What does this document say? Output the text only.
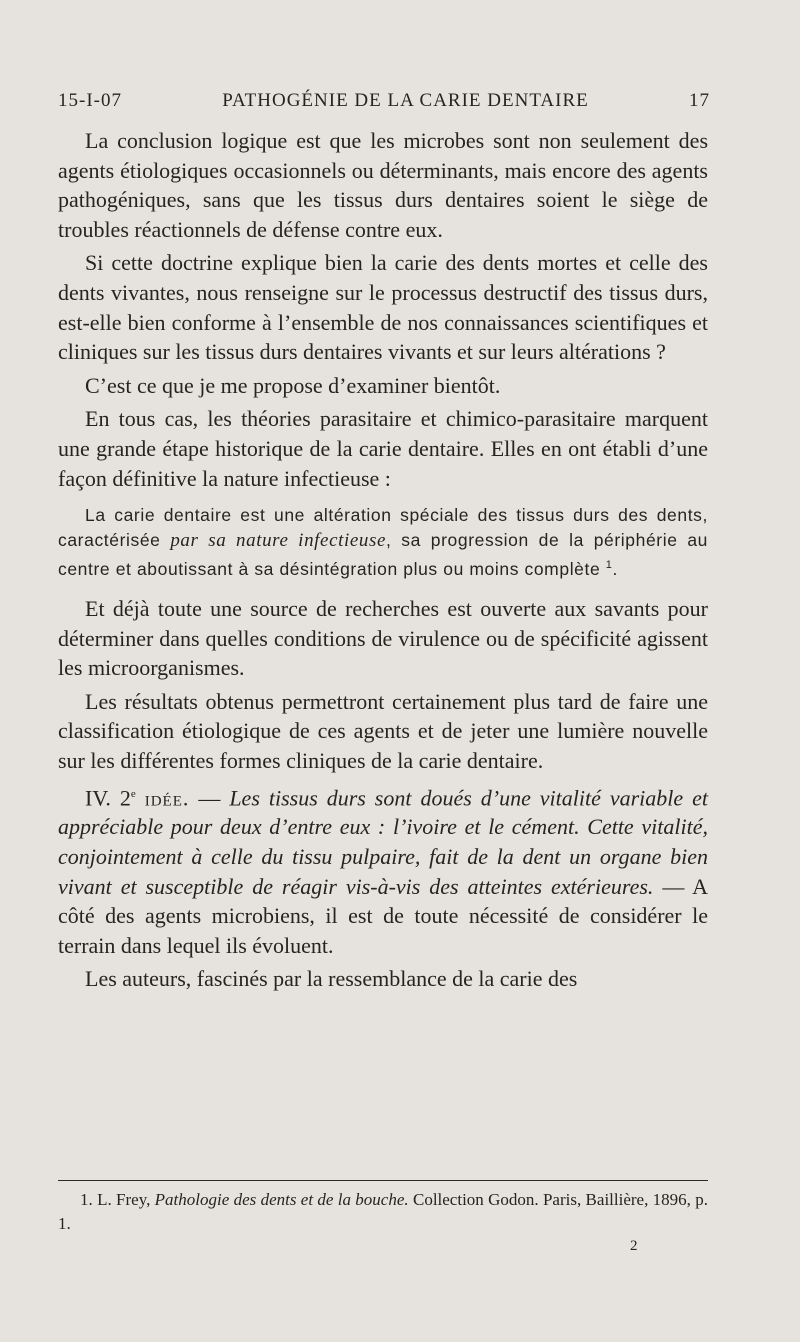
15-I-07	PATHOGÉNIE DE LA CARIE DENTAIRE	17

La conclusion logique est que les microbes sont non seulement des agents étiologiques occasionnels ou déterminants, mais encore des agents pathogéniques, sans que les tissus durs dentaires soient le siège de troubles réactionnels de défense contre eux.

Si cette doctrine explique bien la carie des dents mortes et celle des dents vivantes, nous renseigne sur le processus destructif des tissus durs, est-elle bien conforme à l’ensemble de nos connaissances scientifiques et cliniques sur les tissus durs dentaires vivants et sur leurs altérations ?

C’est ce que je me propose d’examiner bientôt.

En tous cas, les théories parasitaire et chimico-parasitaire marquent une grande étape historique de la carie dentaire. Elles en ont établi d’une façon définitive la nature infectieuse :

La carie dentaire est une altération spéciale des tissus durs des dents, caractérisée par sa nature infectieuse, sa progression de la périphérie au centre et aboutissant à sa désintégration plus ou moins complète $^1$.

Et déjà toute une source de recherches est ouverte aux savants pour déterminer dans quelles conditions de virulence ou de spécificité agissent les microorganismes.

Les résultats obtenus permettront certainement plus tard de faire une classification étiologique de ces agents et de jeter une lumière nouvelle sur les différentes formes cliniques de la carie dentaire.

IV. 2e idée. — Les tissus durs sont doués d’une vitalité variable et appréciable pour deux d’entre eux : l’ivoire et le cément. Cette vitalité, conjointement à celle du tissu pulpaire, fait de la dent un organe bien vivant et susceptible de réagir vis-à-vis des atteintes extérieures. — A côté des agents microbiens, il est de toute nécessité de considérer le terrain dans lequel ils évoluent.

Les auteurs, fascinés par la ressemblance de la carie des

1. L. Frey, Pathologie des dents et de la bouche. Collection Godon. Paris, Baillière, 1896, p. 1.
2
